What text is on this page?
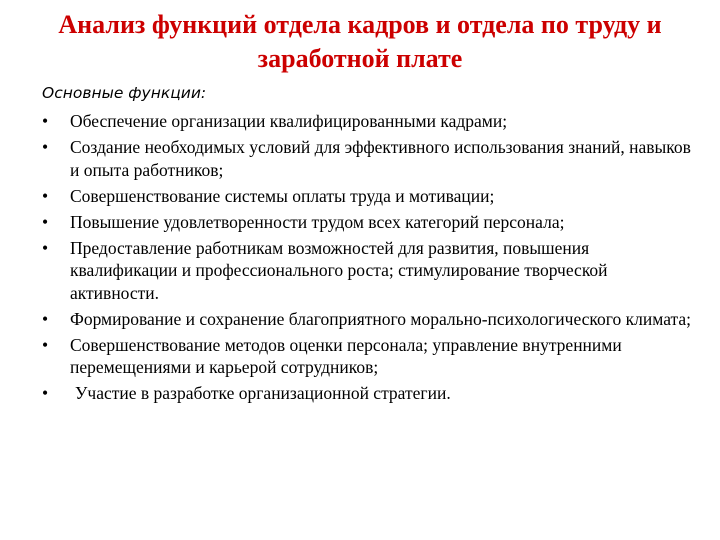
Анализ функций отдела кадров и отдела по труду и заработной плате

Основные функции:

•	Обеспечение организации квалифицированными кадрами;
•	Создание необходимых условий для эффективного использования знаний, навыков и опыта работников;
•	Совершенствование системы оплаты труда и мотивации;
•	Повышение удовлетворенности трудом всех категорий персонала;
•	Предоставление работникам возможностей для развития, повышения квалификации и профессионального роста; стимулирование творческой активности.
•	Формирование и сохранение благоприятного морально-психологического климата;
•	Совершенствование методов оценки персонала; управление внутренними перемещениями и карьерой сотрудников;
•	Участие в разработке организационной стратегии.
